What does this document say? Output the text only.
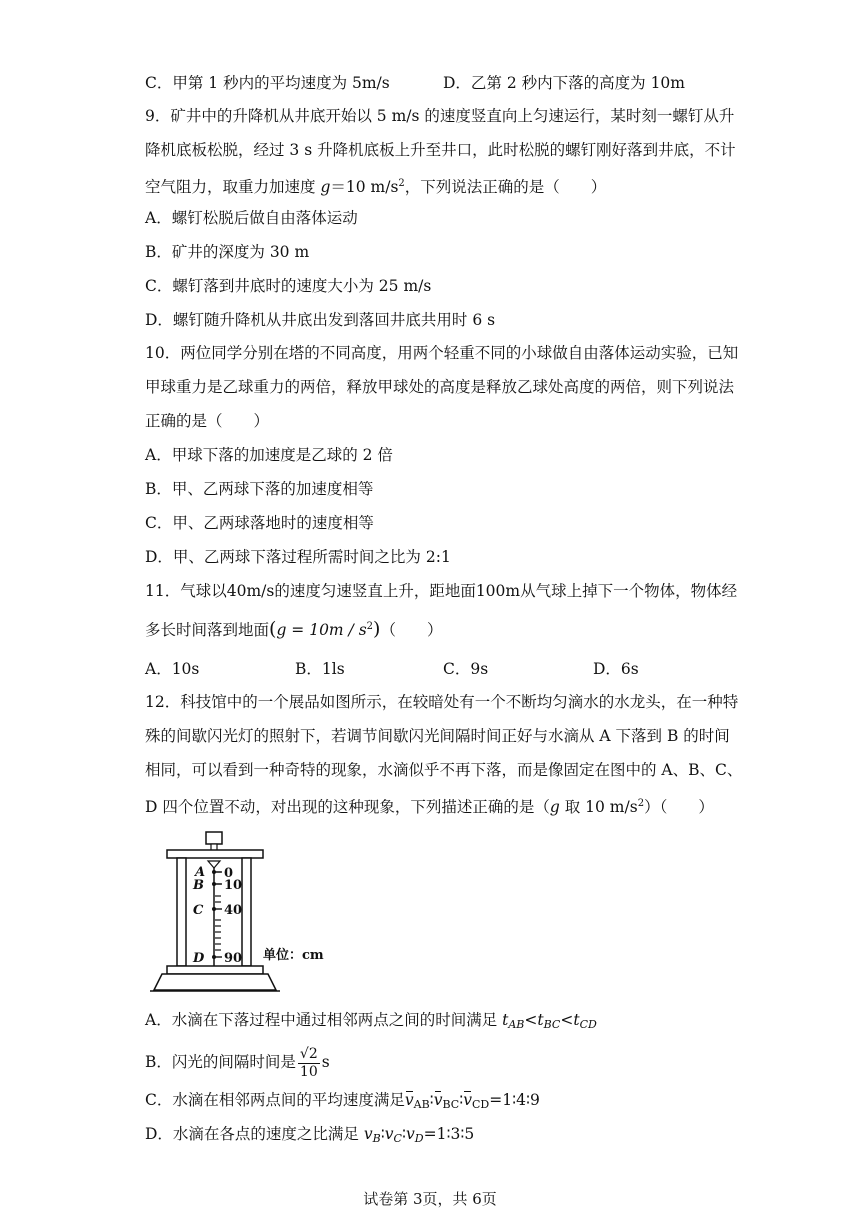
C．甲第 1 秒内的平均速度为 5m/s	D．乙第 2 秒内下落的高度为 10m
9．矿井中的升降机从井底开始以 5 m/s 的速度竖直向上匀速运行，某时刻一螺钉从升
降机底板松脱，经过 3 s 升降机底板上升至井口，此时松脱的螺钉刚好落到井底，不计
空气阻力，取重力加速度 g＝10 $m/s^2$，下列说法正确的是（　　）
A．螺钉松脱后做自由落体运动
B．矿井的深度为 30 m
C．螺钉落到井底时的速度大小为 25 m/s
D．螺钉随升降机从井底出发到落回井底共用时 6 s
10．两位同学分别在塔的不同高度，用两个轻重不同的小球做自由落体运动实验，已知
甲球重力是乙球重力的两倍，释放甲球处的高度是释放乙球处高度的两倍，则下列说法
正确的是（　　）
A．甲球下落的加速度是乙球的 2 倍
B．甲、乙两球下落的加速度相等
C．甲、乙两球落地时的速度相等
D．甲、乙两球下落过程所需时间之比为 2:1
11．气球以40m/s的速度匀速竖直上升，距地面100m从气球上掉下一个物体，物体经
多长时间落到地面$(g = 10m / s^2)$（　　）
A．10s	B．1ls	C．9s	D．6s
12．科技馆中的一个展品如图所示，在较暗处有一个不断均匀滴水的水龙头，在一种特
殊的间歇闪光灯的照射下，若调节间歇闪光间隔时间正好与水滴从 A 下落到 B 的时间
相同，可以看到一种奇特的现象，水滴似乎不再下落，而是像固定在图中的 A、B、C、
D 四个位置不动，对出现的这种现象，下列描述正确的是（g 取 10 $m/s^2$）（　　）
A
B
C
D
0
10
40
90 单位：cm
A．水滴在下落过程中通过相邻两点之间的时间满足 $t_{AB}<t_{BC}<t_{CD}$
B．闪光的间隔时间是 $\frac{√2}{10}$ s
C．水滴在相邻两点间的平均速度满足$v_{AB}∶v_{BC}∶v_{CD}=1∶4∶9$
D．水滴在各点的速度之比满足 $v_B∶v_C∶v_D=1∶3∶5$
试卷第 3页，共 6页
